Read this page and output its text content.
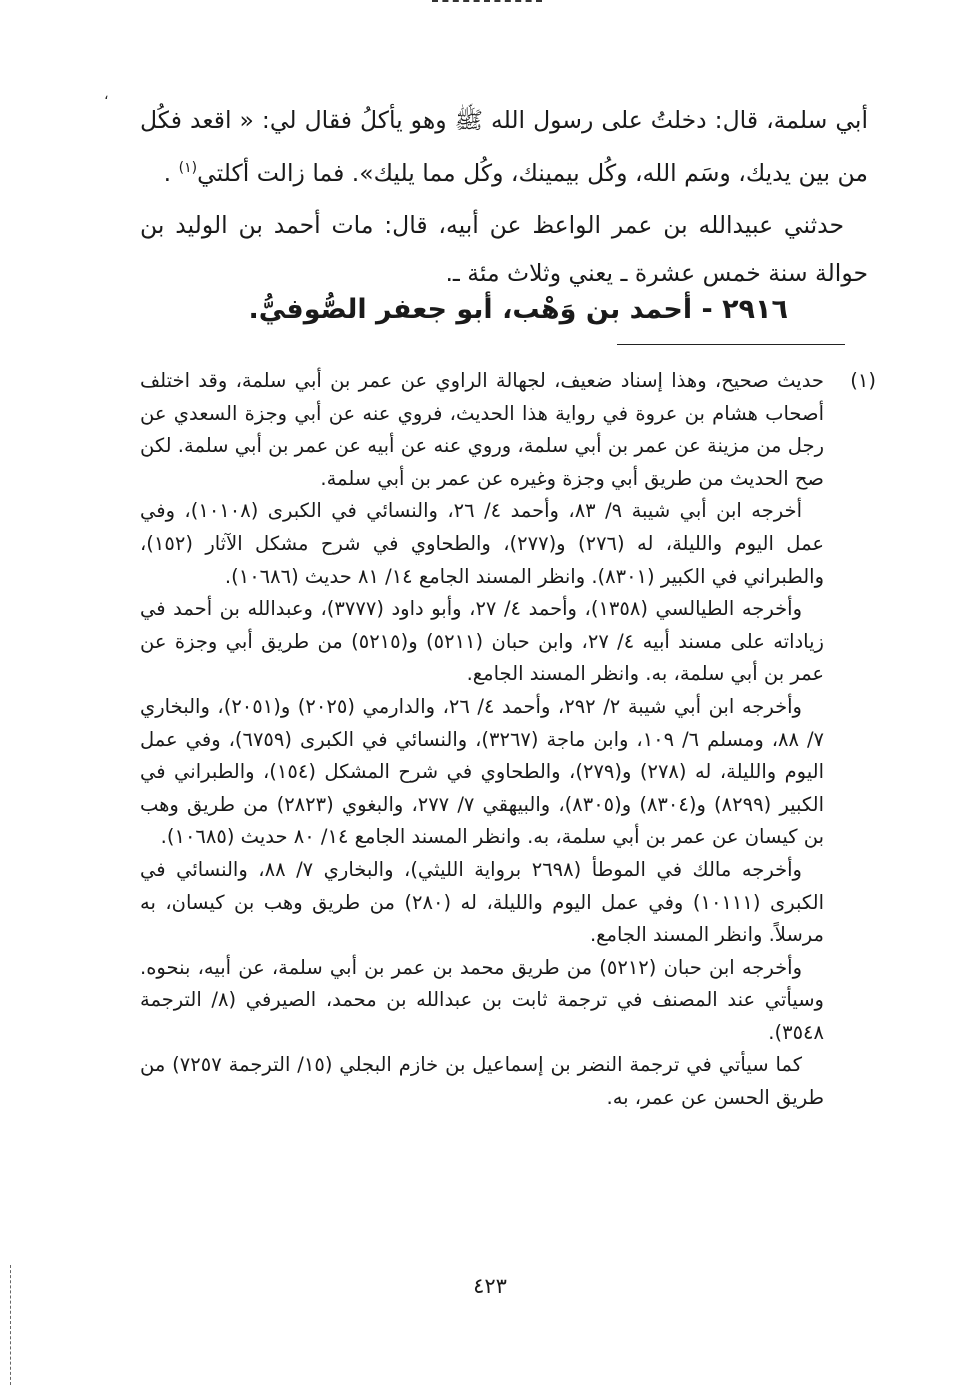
،

أبي سلمة، قال: دخلتُ على رسول الله ﷺ وهو يأكلُ فقال لي: « اقعد فكُل من بين يديك، وسَم الله، وكُل بيمينك، وكُل مما يليك». فما زالت أكلتي$^{(١)}$ .

حدثني عبيدالله بن عمر الواعظ عن أبيه، قال: مات أحمد بن الوليد بن حوالة سنة خمس عشرة ـ يعني وثلاث مئة ـ.

٢٩١٦ - أحمد بن وَهْب، أبو جعفر الصُّوفيُّ.
(١)
حديث صحيح، وهذا إسناد ضعيف، لجهالة الراوي عن عمر بن أبي سلمة، وقد اختلف أصحاب هشام بن عروة في رواية هذا الحديث، فروي عنه عن أبي وجزة السعدي عن رجل من مزينة عن عمر بن أبي سلمة، وروي عنه عن أبيه عن عمر بن أبي سلمة. لكن صح الحديث من طريق أبي وجزة وغيره عن عمر بن أبي سلمة.
أخرجه ابن أبي شيبة ٩/ ٨٣، وأحمد ٤/ ٢٦، والنسائي في الكبرى (١٠١٠٨)، وفي عمل اليوم والليلة، له (٢٧٦) و(٢٧٧)، والطحاوي في شرح مشكل الآثار (١٥٢)، والطبراني في الكبير (٨٣٠١). وانظر المسند الجامع ١٤/ ٨١ حديث (١٠٦٨٦).
وأخرجه الطيالسي (١٣٥٨)، وأحمد ٤/ ٢٧، وأبو داود (٣٧٧٧)، وعبدالله بن أحمد في زياداته على مسند أبيه ٤/ ٢٧، وابن حبان (٥٢١١) و(٥٢١٥) من طريق أبي وجزة عن عمر بن أبي سلمة، به. وانظر المسند الجامع.
وأخرجه ابن أبي شيبة ٢/ ٢٩٢، وأحمد ٤/ ٢٦، والدارمي (٢٠٢٥) و(٢٠٥١)، والبخاري ٧/ ٨٨، ومسلم ٦/ ١٠٩، وابن ماجة (٣٢٦٧)، والنسائي في الكبرى (٦٧٥٩)، وفي عمل اليوم والليلة، له (٢٧٨) و(٢٧٩)، والطحاوي في شرح المشكل (١٥٤)، والطبراني في الكبير (٨٢٩٩) و(٨٣٠٤) و(٨٣٠٥)، والبيهقي ٧/ ٢٧٧، والبغوي (٢٨٢٣) من طريق وهب بن كيسان عن عمر بن أبي سلمة، به. وانظر المسند الجامع ١٤/ ٨٠ حديث (١٠٦٨٥).
وأخرجه مالك في الموطأ (٢٦٩٨ برواية الليثي)، والبخاري ٧/ ٨٨، والنسائي في الكبرى (١٠١١١) وفي عمل اليوم والليلة، له (٢٨٠) من طريق وهب بن كيسان، به مرسلاً. وانظر المسند الجامع.
وأخرجه ابن حبان (٥٢١٢) من طريق محمد بن عمر بن أبي سلمة، عن أبيه، بنحوه. وسيأتي عند المصنف في ترجمة ثابت بن عبدالله بن محمد، الصيرفي (٨/ الترجمة ٣٥٤٨).
كما سيأتي في ترجمة النضر بن إسماعيل بن خازم البجلي (١٥/ الترجمة ٧٢٥٧) من طريق الحسن عن عمر، به.
٤٢٣
